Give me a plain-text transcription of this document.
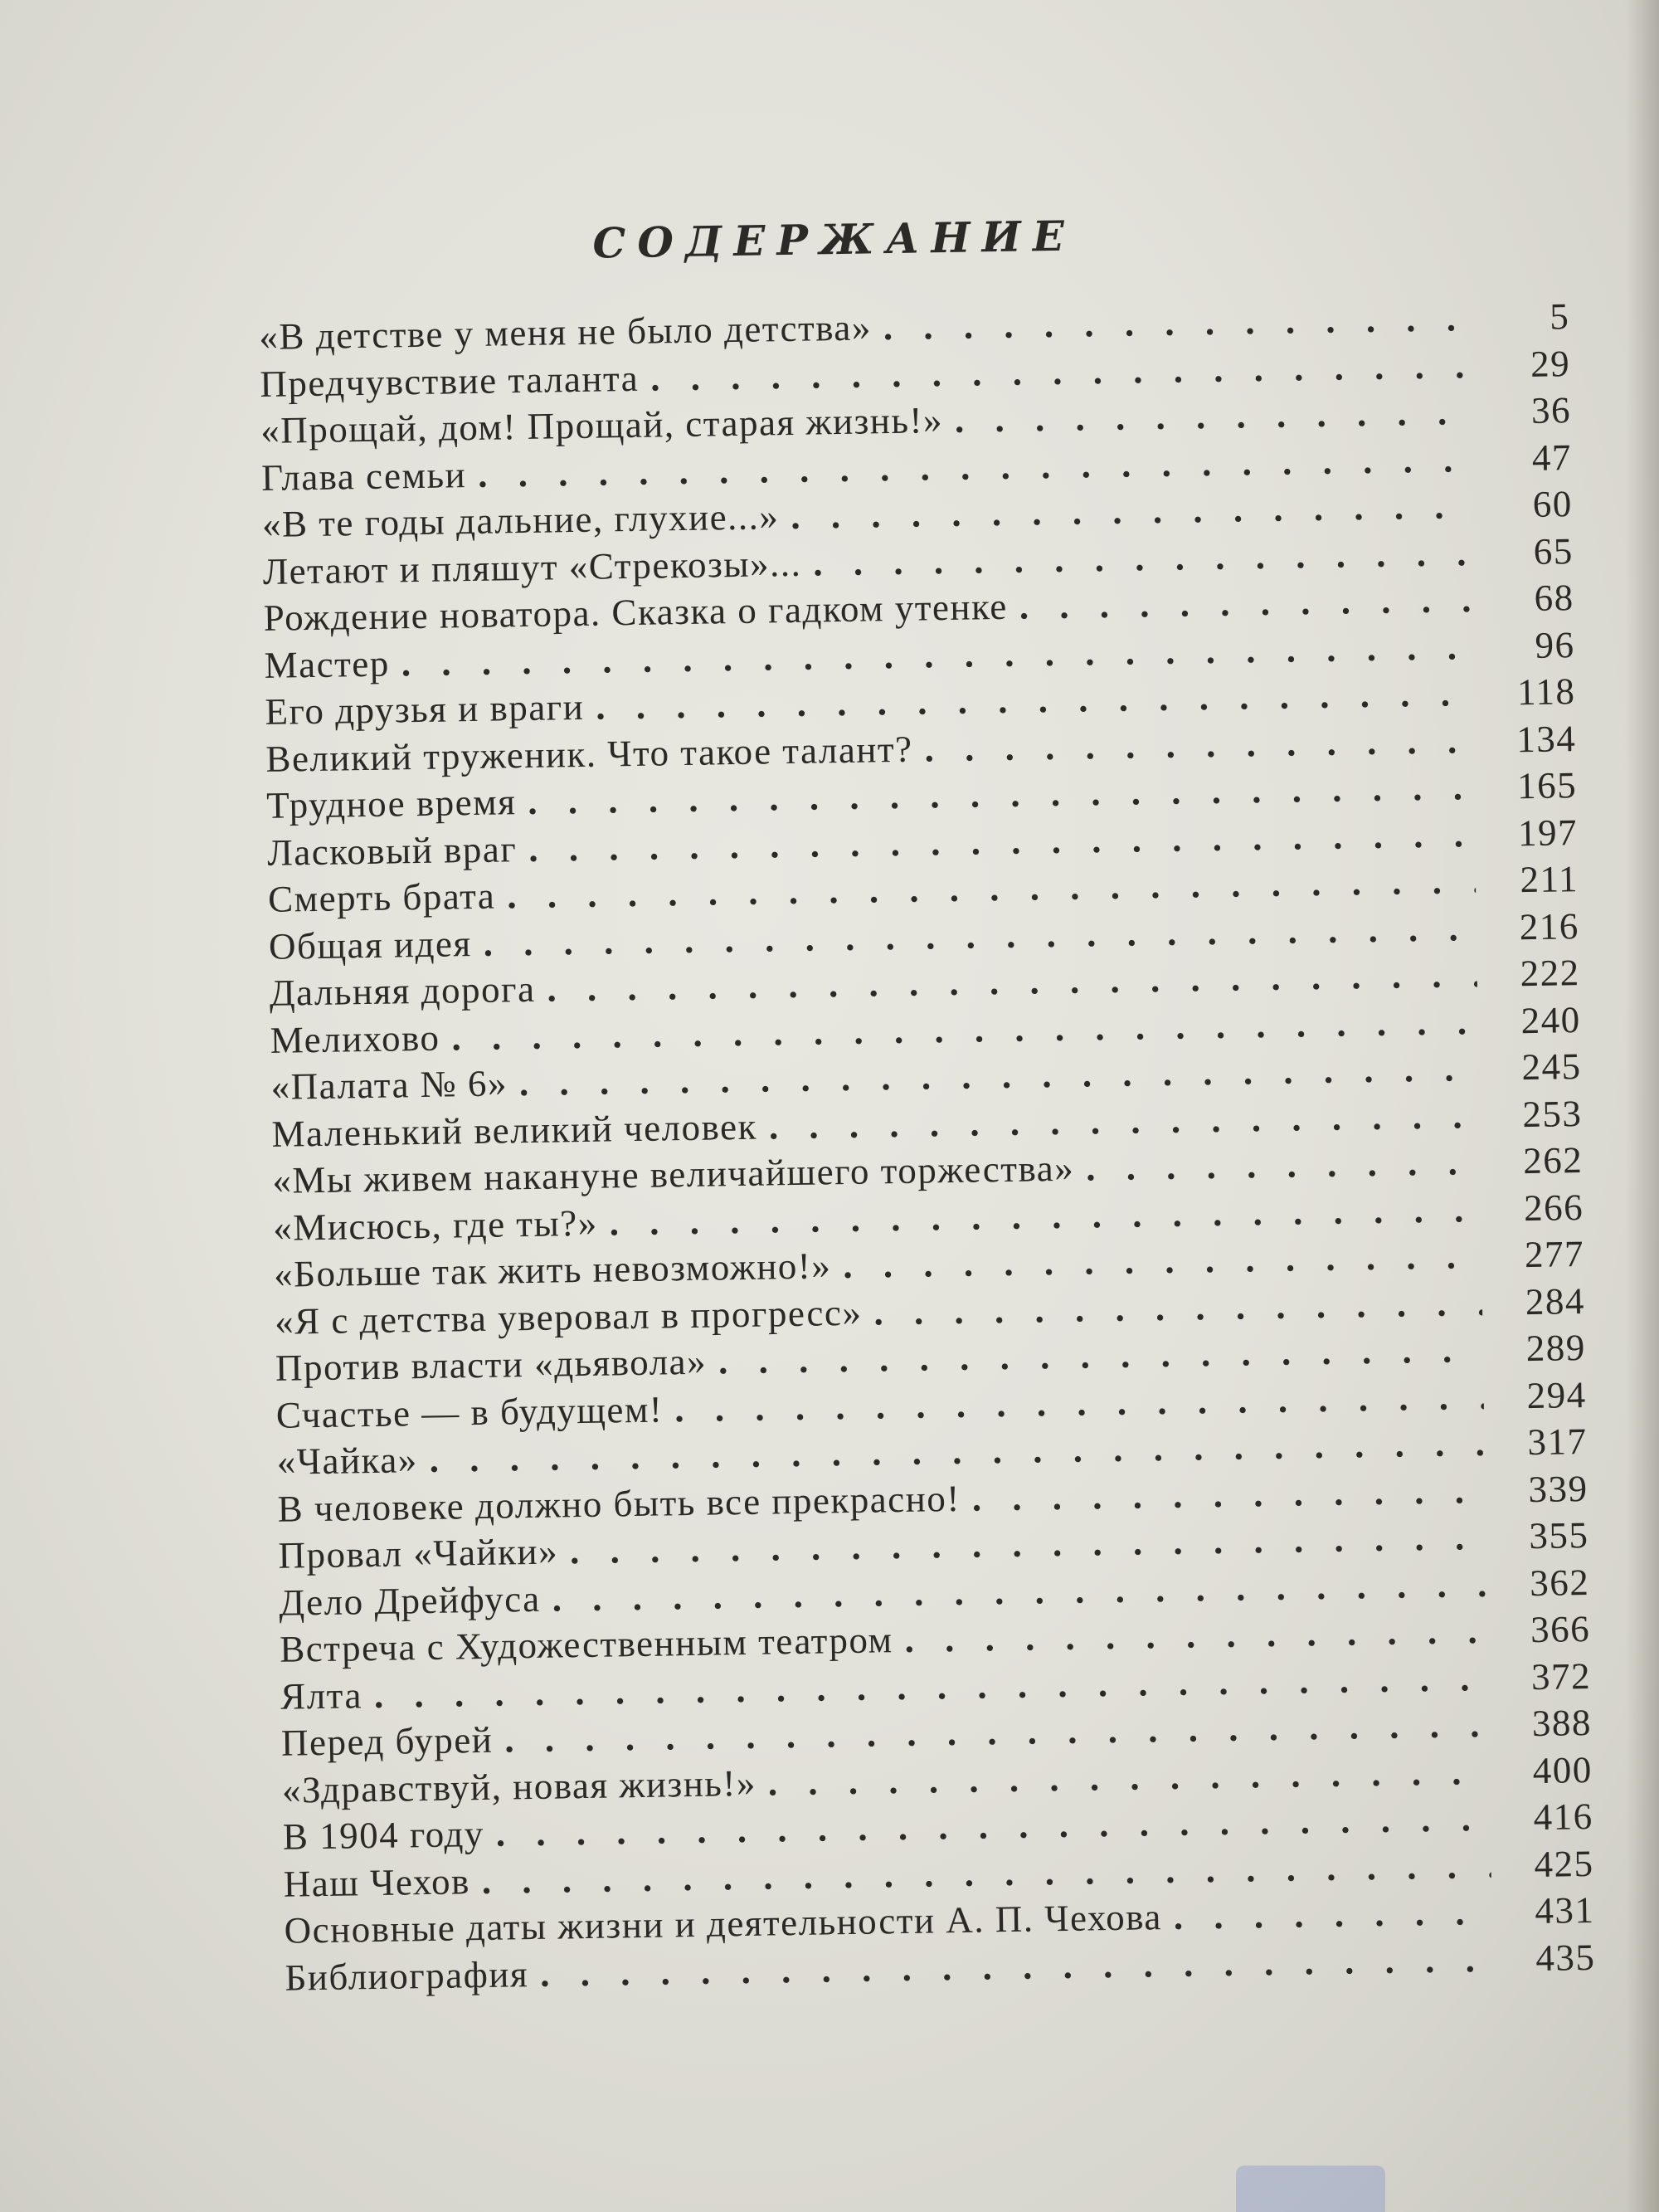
СОДЕРЖАНИЕ
«В детстве у меня не было детства» . . .	5
Предчувствие таланта . . .	29
«Прощай, дом! Прощай, старая жизнь!» . . .	36
Глава семьи . . .	47
«В те годы дальние, глухие...» . . .	60
Летают и пляшут «Стрекозы»... . . .	65
Рождение новатора. Сказка о гадком утенке . . .	68
Мастер . . .	96
Его друзья и враги . . .	118
Великий труженик. Что такое талант? . . .	134
Трудное время . . .	165
Ласковый враг . . .	197
Смерть брата . . .	211
Общая идея . . .	216
Дальняя дорога . . .	222
Мелихово . . .	240
«Палата № 6» . . .	245
Маленький великий человек . . .	253
«Мы живем накануне величайшего торжества» . . .	262
«Мисюсь, где ты?» . . .	266
«Больше так жить невозможно!» . . .	277
«Я с детства уверовал в прогресс» . . .	284
Против власти «дьявола» . . .	289
Счастье — в будущем! . . .	294
«Чайка» . . .	317
В человеке должно быть все прекрасно! . . .	339
Провал «Чайки» . . .	355
Дело Дрейфуса . . .	362
Встреча с Художественным театром . . .	366
Ялта . . .	372
Перед бурей . . .	388
«Здравствуй, новая жизнь!» . . .	400
В 1904 году . . .	416
Наш Чехов . . .	425
Основные даты жизни и деятельности А. П. Чехова . . .	431
Библиография . . .	435
